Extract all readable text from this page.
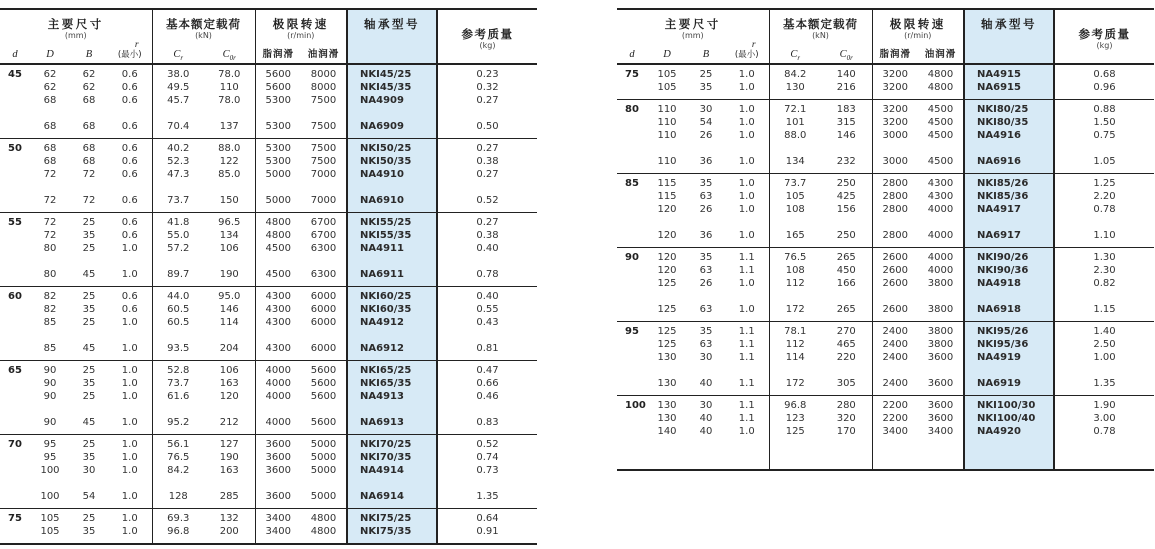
主要尺寸
(mm)

基本额定载荷
(kN)

极限转速
(r/min)

轴承型号

参考质量
(kg)

d	D	B	r
(最小)	$C_r$	$C_{0r}$	脂润滑	油润滑		
45	62	62	0.6	38.0	78.0	5600	8000	NKI45/25	0.23
	62	62	0.6	49.5	110	5600	8000	NKI45/35	0.32
	68	68	0.6	45.7	78.0	5300	7500	NA4909	0.27

	68	68	0.6	70.4	137	5300	7500	NA6909	0.50
50	68	68	0.6	40.2	88.0	5300	7500	NKI50/25	0.27
	68	68	0.6	52.3	122	5300	7500	NKI50/35	0.38
	72	72	0.6	47.3	85.0	5000	7000	NA4910	0.27

	72	72	0.6	73.7	150	5000	7000	NA6910	0.52
55	72	25	0.6	41.8	96.5	4800	6700	NKI55/25	0.27
	72	35	0.6	55.0	134	4800	6700	NKI55/35	0.38
	80	25	1.0	57.2	106	4500	6300	NA4911	0.40

	80	45	1.0	89.7	190	4500	6300	NA6911	0.78
60	82	25	0.6	44.0	95.0	4300	6000	NKI60/25	0.40
	82	35	0.6	60.5	146	4300	6000	NKI60/35	0.55
	85	25	1.0	60.5	114	4300	6000	NA4912	0.43

	85	45	1.0	93.5	204	4300	6000	NA6912	0.81
65	90	25	1.0	52.8	106	4000	5600	NKI65/25	0.47
	90	35	1.0	73.7	163	4000	5600	NKI65/35	0.66
	90	25	1.0	61.6	120	4000	5600	NA4913	0.46

	90	45	1.0	95.2	212	4000	5600	NA6913	0.83
70	95	25	1.0	56.1	127	3600	5000	NKI70/25	0.52
	95	35	1.0	76.5	190	3600	5000	NKI70/35	0.74
	100	30	1.0	84.2	163	3600	5000	NA4914	0.73

	100	54	1.0	128	285	3600	5000	NA6914	1.35
75	105	25	1.0	69.3	132	3400	4800	NKI75/25	0.64
	105	35	1.0	96.8	200	3400	4800	NKI75/35	0.91
主要尺寸
(mm)

基本额定载荷
(kN)

极限转速
(r/min)

轴承型号

参考质量
(kg)

d	D	B	r
(最小)	$C_r$	$C_{0r}$	脂润滑	油润滑		
75	105	25	1.0	84.2	140	3200	4800	NA4915	0.68
	105	35	1.0	130	216	3200	4800	NA6915	0.96
80	110	30	1.0	72.1	183	3200	4500	NKI80/25	0.88
	110	54	1.0	101	315	3200	4500	NKI80/35	1.50
	110	26	1.0	88.0	146	3000	4500	NA4916	0.75

	110	36	1.0	134	232	3000	4500	NA6916	1.05
85	115	35	1.0	73.7	250	2800	4300	NKI85/26	1.25
	115	63	1.0	105	425	2800	4300	NKI85/36	2.20
	120	26	1.0	108	156	2800	4000	NA4917	0.78

	120	36	1.0	165	250	2800	4000	NA6917	1.10
90	120	35	1.1	76.5	265	2600	4000	NKI90/26	1.30
	120	63	1.1	108	450	2600	4000	NKI90/36	2.30
	125	26	1.0	112	166	2600	3800	NA4918	0.82

	125	63	1.0	172	265	2600	3800	NA6918	1.15
95	125	35	1.1	78.1	270	2400	3800	NKI95/26	1.40
	125	63	1.1	112	465	2400	3800	NKI95/36	2.50
	130	30	1.1	114	220	2400	3600	NA4919	1.00

	130	40	1.1	172	305	2400	3600	NA6919	1.35
100	130	30	1.1	96.8	280	2200	3600	NKI100/30	1.90
	130	40	1.1	123	320	2200	3600	NKI100/40	3.00
	140	40	1.0	125	170	3400	3400	NA4920	0.78
